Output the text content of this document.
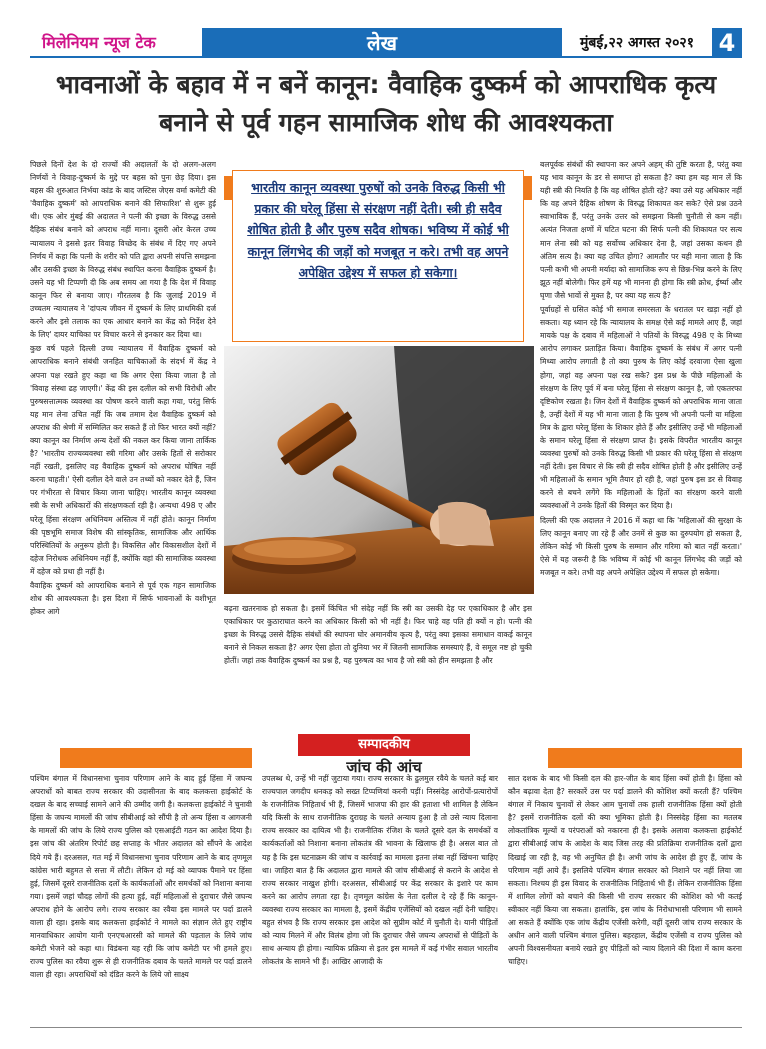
मिलेनियम न्यूज टेक	लेख	मुंबई,२२ अगस्त २०२१	4
भावनाओं के बहाव में न बनें कानून: वैवाहिक दुष्कर्म को आपराधिक कृत्य बनाने से पूर्व गहन सामाजिक शोध की आवश्यकता

पिछले दिनों देश के दो राज्यों की अदालतों के दो अलग-अलग निर्णयों ने विवाह-दुष्कर्म के मुद्दे पर बहस को पुनः छेड़ दिया। इस बहस की शुरुआत निर्भया कांड के बाद जस्टिस जेएस वर्मा कमेटी की 'वैवाहिक दुष्कर्म' को आपराधिक बनाने की सिफारिश' से शुरू हुई थी। एक ओर मुंबई की अदालत ने पत्नी की इच्छा के विरुद्ध उससे दैहिक संबंध बनाने को अपराध नहीं माना। दूसरी ओर केरल उच्च न्यायालय ने इससे इतर विवाह विच्छेद के संबंध में दिए गए अपने निर्णय में कहा कि पत्नी के शरीर को पति द्वारा अपनी संपत्ति समझना और उसकी इच्छा के विरुद्ध संबंध स्थापित करना वैवाहिक दुष्कर्म है। उसने यह भी टिप्पणी दी कि अब समय आ गया है कि देश में विवाह कानून फिर से बनाया जाए। गौरतलब है कि जुलाई 2019 में उच्चतम न्यायालय ने 'दांपत्य जीवन में दुष्कर्म के लिए प्राथमिकी दर्ज करने और इसे तलाक का एक आधार बनाने का केंद्र को निर्देश देने के लिए' दायर याचिका पर विचार करने से इनकार कर दिया था।

कुछ वर्ष पहले दिल्ली उच्च न्यायालय में वैवाहिक दुष्कर्म को आपराधिक बनाने संबंधी जनहित याचिकाओं के संदर्भ में केंद्र ने अपना पक्ष रखते हुए कहा था कि अगर ऐसा किया जाता है तो 'विवाह संस्था ढह जाएगी।' केंद्र की इस दलील को सभी विरोधी और पुरुषसत्तात्मक व्यवस्था का पोषण करने वाली कहा गया, परंतु सिर्फ यह मान लेना उचित नहीं कि जब तमाम देश वैवाहिक दुष्कर्म को अपराध की श्रेणी में सम्मिलित कर सकते हैं तो फिर भारत क्यों नहीं? क्या कानून का निर्माण अन्य देशों की नकल कर किया जाना तार्किक है? 'भारतीय राज्यव्यवस्था स्त्री गरिमा और उसके हितों से सरोकार नहीं रखती, इसलिए वह वैवाहिक दुष्कर्म को अपराध घोषित नहीं करना चाहती।' ऐसी दलील देने वाले उन तथ्यों को नकार देते हैं, जिन पर गंभीरता से विचार किया जाना चाहिए। भारतीय कानून व्यवस्था स्त्री के सभी अधिकारों की संरक्षणकर्ता रही है। अन्यथा 498 ए और घरेलू हिंसा संरक्षण अधिनियम अस्तित्व में नहीं होते। कानून निर्माण की पृष्ठभूमि समाज विशेष की सांस्कृतिक, सामाजिक और आर्थिक परिस्थितियों के अनुरूप होती है। विकसित और विकासशील देशों में दहेज निरोधक अधिनियम नहीं हैं, क्योंकि वहां की सामाजिक व्यवस्था में दहेज को प्रथा ही नहीं है।

वैवाहिक दुष्कर्म को आपराधिक बनाने से पूर्व एक गहन सामाजिक शोध की आवश्यकता है। इस दिशा में सिर्फ भावनाओं के वशीभूत होकर आगे

भारतीय कानून व्यवस्था पुरुषों को उनके विरुद्ध किसी भी प्रकार की घरेलू हिंसा से संरक्षण नहीं देती। स्त्री ही सदैव शोषित होती है और पुरुष सदैव शोषक। भविष्य में कोई भी कानून लिंगभेद की जड़ों को मजबूत न करे। तभी वह अपने अपेक्षित उद्देश्य में सफल हो सकेगा।

बढ़ना खतरनाक हो सकता है। इसमें किंचित भी संदेह नहीं कि स्त्री का उसकी देह पर एकाधिकार है और इस एकाधिकार पर कुठाराघात करने का अधिकार किसी को भी नहीं है। फिर चाहे वह पति ही क्यों न हो। पत्नी की इच्छा के विरुद्ध उससे दैहिक संबंधों की स्थापना घोर अमानवीय कृत्य है, परंतु क्या इसका समाधान वाकई कानून बनाने से निकल सकता है? अगर ऐसा होता तो दुनिया भर में जितनी सामाजिक समस्याएं हैं, वे समूल नष्ट हो चुकी होतीं। जहां तक वैवाहिक दुष्कर्म का प्रश्न है, यह पुरुषत्व का भाव है जो स्त्री को हीन समझता है और

बलपूर्वक संबंधों की स्थापना कर अपने अहम् की तुष्टि करता है, परंतु क्या यह भाव कानून के डर से समाप्त हो सकता है? क्या हम यह मान लें कि यही स्त्री की नियति है कि वह शोषित होती रहे? क्या उसे यह अधिकार नहीं कि वह अपने दैहिक शोषण के विरुद्ध शिकायत कर सके? ऐसे प्रश्न उठने स्वाभाविक हैं, परंतु उनके उत्तर को समझना किसी चुनौती से कम नहीं। अत्यंत निजता क्षणों में घटित घटना की सिर्फ पत्नी की शिकायत पर सत्य मान लेना स्त्री को यह सर्वोच्च अधिकार देना है, जहां उसका कथन ही अंतिम सत्य है। क्या यह उचित होगा? आमतौर पर यही माना जाता है कि पत्नी कभी भी अपनी मर्यादा को सामाजिक रूप से छिन्न-भिन्न करने के लिए झूठ नहीं बोलेगी। फिर हमें यह भी मानना ही होगा कि स्त्री क्रोध, ईर्ष्या और घृणा जैसे भावों से मुक्त है, पर क्या यह सत्य है?

पूर्वाग्रहों से ग्रसित कोई भी समाज समरसता के धरातल पर खड़ा नहीं हो सकता। यह ध्यान रहे कि न्यायालय के समक्ष ऐसे कई मामले आए हैं, जहां मायके पक्ष के दबाव में महिलाओं ने पतियों के विरुद्ध 498 ए के मिथ्या आरोप लगाकर प्रताड़ित किया। वैवाहिक दुष्कर्म के संबंध में अगर पत्नी मिथ्या आरोप लगाती है तो क्या पुरुष के लिए कोई दरवाजा ऐसा खुला होगा, जहां वह अपना पक्ष रख सके? इस प्रश्न के पीछे महिलाओं के संरक्षण के लिए पूर्व में बना घरेलू हिंसा से संरक्षण कानून है, जो एकतरफा दृष्टिकोण रखता है। जिन देशों में वैवाहिक दुष्कर्म को अपराधिक माना जाता है, उन्हीं देशों में यह भी माना जाता है कि पुरुष भी अपनी पत्नी या महिला मित्र के द्वारा घरेलू हिंसा के शिकार होते हैं और इसीलिए उन्हें भी महिलाओं के समान घरेलू हिंसा से संरक्षण प्राप्त है। इसके विपरीत भारतीय कानून व्यवस्था पुरुषों को उनके विरुद्ध किसी भी प्रकार की घरेलू हिंसा से संरक्षण नहीं देती। इस विचार से कि स्त्री ही सदैव शोषित होती है और इसीलिए उन्हें भी महिलाओं के समान भूमि तैयार हो रही है, जहां पुरुष इस डर से विवाह करने से बचने लगेंगे कि महिलाओं के हितों का संरक्षण करने वाली व्यवस्थाओं ने उनके हितों की विस्मृत कर दिया है।

दिल्ली की एक अदालत ने 2016 में कहा था कि 'महिलाओं की सुरक्षा के लिए कानून बनाए जा रहे हैं और उनमें से कुछ का दुरुपयोग हो सकता है, लेकिन कोई भी किसी पुरुष के सम्मान और गरिमा को बात नहीं करता।' ऐसे में यह जरूरी है कि भविष्य में कोई भी कानून लिंगभेद की जड़ों को मजबूत न करे। तभी वह अपने अपेक्षित उद्देश्य में सफल हो सकेगा।

सम्पादकीय
जांच की आंच

पश्चिम बंगाल में विधानसभा चुनाव परिणाम आने के बाद हुई हिंसा में जघन्य अपराधों को बाबत राज्य सरकार की उदासीनता के बाद कलकत्ता हाईकोर्ट के दखल के बाद सच्चाई सामने आने की उम्मीद जगी है। कलकत्ता हाईकोर्ट ने चुनावी हिंसा के जघन्य मामलों की जांच सीबीआई को सौंपी है तो अन्य हिंसा व आगजनी के मामलों की जांच के लिये राज्य पुलिस को एसआईटी गठन का आदेश दिया है। इस जांच की अंतरिम रिपोर्ट छह सप्ताह के भीतर अदालत को सौंपने के आदेश दिये गये हैं। दरअसल, गत मई में विधानसभा चुनाव परिणाम आने के बाद तृणमूल कांग्रेस भारी बहुमत से सत्ता में लौटी। लेकिन दो मई को व्यापक पैमाने पर हिंसा हुई, जिसमें दूसरे राजनीतिक दलों के कार्यकर्ताओं और समर्थकों को निशाना बनाया गया। इसमें जहां चौदह लोगों की हत्या हुई, वहीं महिलाओं से दुराचार जैसे जघन्य अपराध होने के आरोप लगे। राज्य सरकार का रवैया इस मामले पर पर्दा डालने वाला ही रहा। इसके बाद कलकत्ता हाईकोर्ट ने मामले का संज्ञान लेते हुए राष्ट्रीय मानवाधिकार आयोग यानी एनएचआरसी को मामले की पड़ताल के लिये जांच कमेटी भेजने को कहा था। विडंबना यह रही कि जांच कमेटी पर भी हमले हुए। राज्य पुलिस का रवैया शुरू से ही राजनीतिक दबाव के चलते मामले पर पर्दा डालने वाला ही रहा। अपराधियों को दंडित करने के लिये जो साक्ष्य

उपलब्ध थे, उन्हें भी नहीं जुटाया गया। राज्य सरकार के ढुलमुल रवैये के चलते कई बार राज्यपाल जगदीप धनकड़ को सख्त टिप्पणियां करनी पड़ीं। निस्संदेह आरोपों-प्रत्यारोपों के राजनीतिक निहितार्थ भी हैं, जिसमें भाजपा की हार की हताशा भी शामिल है लेकिन यदि किसी के साथ राजनीतिक दुराग्रह के चलते अन्याय हुआ है तो उसे न्याय दिलाना राज्य सरकार का दायित्व भी है। राजनीतिक रंजिश के चलते दूसरे दल के समर्थकों व कार्यकर्ताओं को निशाना बनाना लोकतंत्र की भावना के खिलाफ ही है। असल बात तो यह है कि इस घटनाक्रम की जांच व कार्रवाई का मामला इतना लंबा नहीं खिंचना चाहिए था। जाहिरा बात है कि अदालत द्वारा मामले की जांच सीबीआई से कराने के आदेश से राज्य सरकार नाखुश होगी। दरअसल, सीबीआई पर केंद्र सरकार के इशारे पर काम करने का आरोप लगता रहा है। तृणमूल कांग्रेस के नेता दलील दे रहे हैं कि कानून-व्यवस्था राज्य सरकार का मामला है, इसमें केंद्रीय एजेंसियों को दखल नहीं देनी चाहिए। बहुत संभव है कि राज्य सरकार इस आदेश को सुप्रीम कोर्ट में चुनौती दे। यानी पीड़ितों को न्याय मिलने में और विलंब होगा जो कि दुराचार जैसे जघन्य अपराधों से पीड़ितों के साथ अन्याय ही होगा। न्यायिक प्रक्रिया से इतर इस मामले में कई गंभीर सवाल भारतीय लोकतंत्र के सामने भी हैं। आखिर आजादी के

सात दशक के बाद भी किसी दल की हार-जीत के बाद हिंसा क्यों होती है। हिंसा को कौन बढ़ावा देता है? सरकारें उस पर पर्दा डालने की कोशिश क्यों करती हैं? पश्चिम बंगाल में निकाय चुनावों से लेकर आम चुनावों तक हाली राजनीतिक हिंसा क्यों होती है? इसमें राजनीतिक दलों की क्या भूमिका होती है। निस्संदेह हिंसा का मतलब लोकतांत्रिक मूल्यों व परंपराओं को नकारना ही है। इसके अलावा कलकत्ता हाईकोर्ट द्वारा सीबीआई जांच के आदेश के बाद जिस तरह की प्रतिक्रिया राजनीतिक दलों द्वारा दिखाई जा रही है, वह भी अनुचित ही है। अभी जांच के आदेश ही हुए हैं, जांच के परिणाम नहीं आये हैं। इसलिये पश्चिम बंगाल सरकार को निशाने पर नहीं लिया जा सकता। निश्चय ही इस विवाद के राजनीतिक निहितार्थ भी हैं। लेकिन राजनीतिक हिंसा में शामिल लोगों को बचाने की किसी भी राज्य सरकार की कोशिश को भी कतई स्वीकार नहीं किया जा सकता। हालांकि, इस जांच के निरोधाभासी परिणाम भी सामने आ सकते हैं क्योंकि एक जांच केंद्रीय एजेंसी करेगी, वहीं दूसरी जांच राज्य सरकार के अधीन आने वाली पश्चिम बंगाल पुलिस। बहरहाल, केंद्रीय एजेंसी व राज्य पुलिस को अपनी विश्वसनीयता बनाये रखते हुए पीड़ितों को न्याय दिलाने की दिशा में काम करना चाहिए।
